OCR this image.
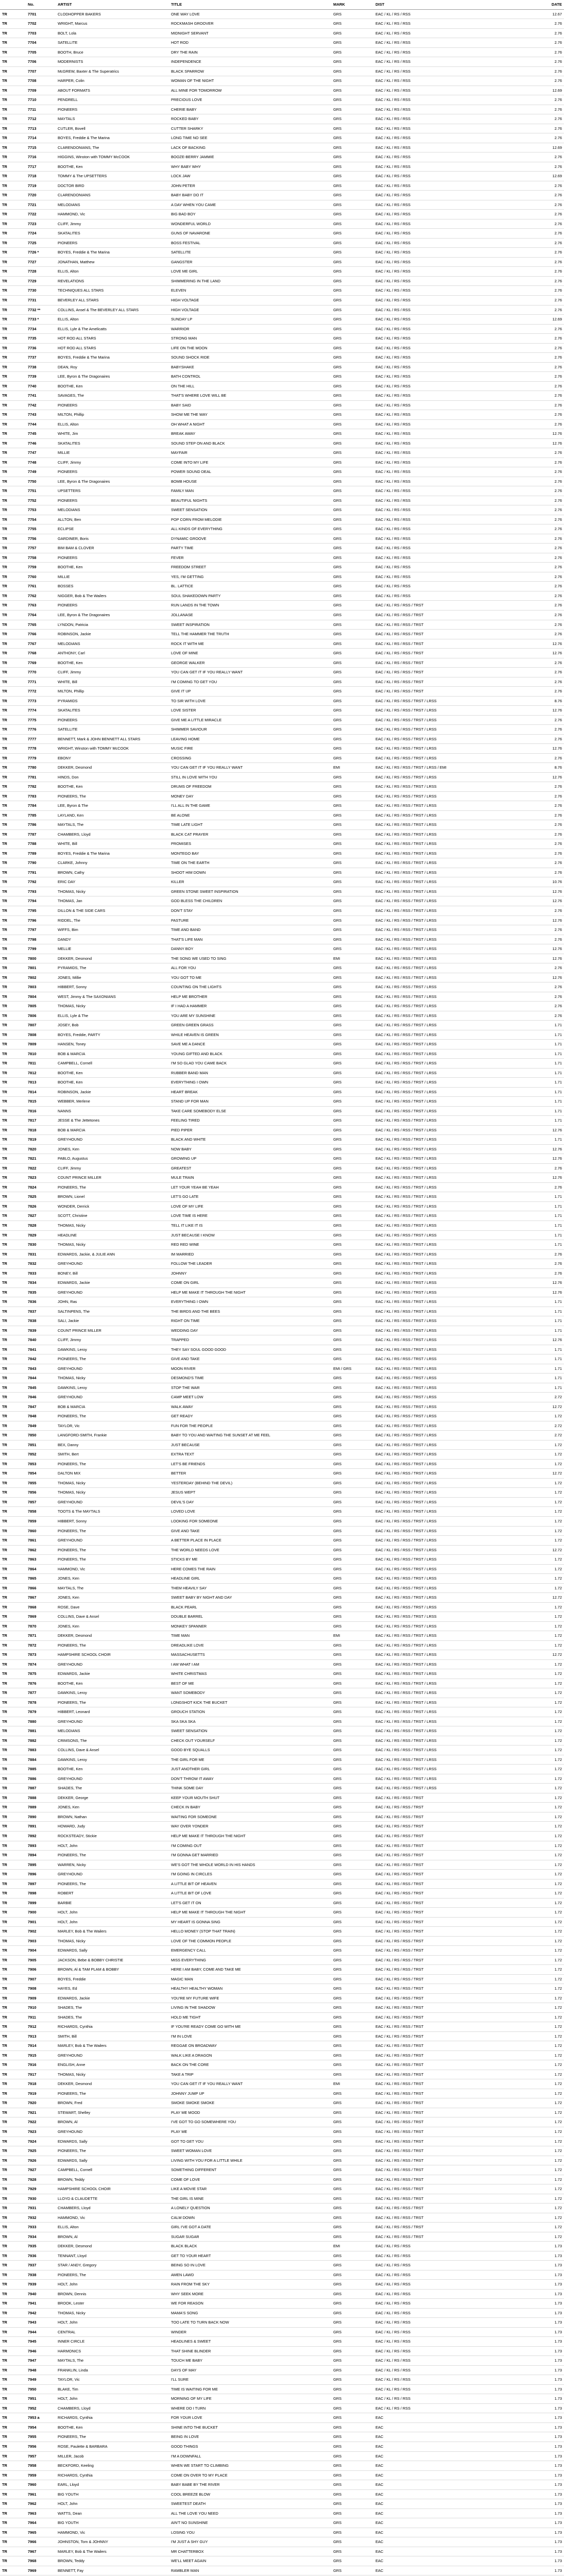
	No.	ARTIST	TITLE	MARK	DIST		DATE
TR	7701	CLODHOPPER BAKERS	ONE WAY LOVE	GRS	EAC / KL / RS / RSS		12.67
TR	7702	WRIGHT, Marcus	ROCKMASH GROOVER	GRS	EAC / KL / RS / RSS		2.76
TR	7703	BOLT, Lola	MIDNIGHT SERVANT	GRS	EAC / KL / RS / RSS		2.76
TR	7704	SATELLITE	HOT ROD	GRS	EAC / KL / RS / RSS		2.76
TR	7705	BOOTH, Bruce	DRY THE RAIN	GRS	EAC / KL / RS / RSS		2.76
TR	7706	MODERNISTS	INDEPENDENCE	GRS	EAC / KL / RS / RSS		2.76
TR	7707	McGREW, Baxter & The Superatrics	BLACK SPARROW	GRS	EAC / KL / RS / RSS		2.76
TR	7708	HARPER, Colin	WOMAN OF THE NIGHT	GRS	EAC / KL / RS / RSS		2.76
TR	7709	ABOUT FORMATS	ALL MINE FOR TOMORROW	GRS	EAC / KL / RS / RSS		12.69
TR	7710	PENDRELL	PRECIOUS LOVE	GRS	EAC / KL / RS / RSS		2.76
TR	7711	PIONEERS	CHERIE BABY	GRS	EAC / KL / RS / RSS		2.76
TR	7712	MAYTALS	ROCKED BABY	GRS	EAC / KL / RS / RSS		2.76
TR	7713	CUTLER, Bovell	CUTTER SHARKY	GRS	EAC / KL / RS / RSS		2.76
TR	7714	BOYES, Freddie & The Marina	LONG TIME NO SEE	GRS	EAC / KL / RS / RSS		2.76
TR	7715	CLARENDONIANS, The	LACK OF BACKING	GRS	EAC / KL / RS / RSS		12.69
TR	7716	HIGGINS, Winston with TOMMY McCOOK	BOOZE-BERRY JAMMIE	GRS	EAC / KL / RS / RSS		2.76
TR	7717	BOOTHE, Ken	WHY BABY WHY	GRS	EAC / KL / RS / RSS		2.76
TR	7718	TOMMY & The UPSETTERS	LOCK JAW	GRS	EAC / KL / RS / RSS		12.69
TR	7719	DOCTOR BIRD	JOHN PETER	GRS	EAC / KL / RS / RSS		2.76
TR	7720	CLARENDONIANS	BABY BABY DO IT	GRS	EAC / KL / RS / RSS		2.76
TR	7721	MELODIANS	A DAY WHEN YOU CAME	GRS	EAC / KL / RS / RSS		2.76
TR	7722	HAMMOND, Vic	BIG BAD BOY	GRS	EAC / KL / RS / RSS		2.76
TR	7723	CLIFF, Jimmy	WONDERFUL WORLD	GRS	EAC / KL / RS / RSS		2.76
TR	7724	SKATALITES	GUNS OF NAVARONE	GRS	EAC / KL / RS / RSS		2.76
TR	7725	PIONEERS	BOSS FESTIVAL	GRS	EAC / KL / RS / RSS		2.76
TR	7726 *	BOYES, Freddie & The Marina	SATELLITE	GRS	EAC / KL / RS / RSS		2.76
TR	7727	JONATHAN, Matthew	GANGSTER	GRS	EAC / KL / RS / RSS		2.76
TR	7728	ELLIS, Alton	LOVE ME GIRL	GRS	EAC / KL / RS / RSS		2.76
TR	7729	REVELATIONS	SHIMMERING IN THE LAND	GRS	EAC / KL / RS / RSS		2.76
TR	7730	TECHNIQUES ALL STARS	ELEVEN	GRS	EAC / KL / RS / RSS		2.76
TR	7731	BEVERLEY ALL STARS	HIGH VOLTAGE	GRS	EAC / KL / RS / RSS		2.76
TR	7732 **	COLLINS, Ansel & The BEVERLEY ALL STARS	HIGH VOLTAGE	GRS	EAC / KL / RS / RSS		2.76
TR	7733 *	ELLIS, Alton	SUNDAY LP	GRS	EAC / KL / RS / RSS		12.69
TR	7734	ELLIS, Lyle & The Amelicatts	WARRIOR	GRS	EAC / KL / RS / RSS		2.76
TR	7735	HOT ROD ALL STARS	STRONG MAN	GRS	EAC / KL / RS / RSS		2.76
TR	7736	HOT ROD ALL STARS	LIFE ON THE MOON	GRS	EAC / KL / RS / RSS		2.76
TR	7737	BOYES, Freddie & The Marina	SOUND SHOCK RIDE	GRS	EAC / KL / RS / RSS		2.76
TR	7738	DEAN, Roy	BABYSHAKE	GRS	EAC / KL / RS / RSS		2.76
TR	7739	LEE, Byron & The Dragonaires	BATH CONTROL	GRS	EAC / KL / RS / RSS		2.76
TR	7740	BOOTHE, Ken	ON THE HILL	GRS	EAC / KL / RS / RSS		2.76
TR	7741	SAVAGES, The	THAT'S WHERE LOVE WILL BE	GRS	EAC / KL / RS / RSS		2.76
TR	7742	PIONEERS	BABY SAID	GRS	EAC / KL / RS / RSS		2.76
TR	7743	MILTON, Phillip	SHOW ME THE WAY	GRS	EAC / KL / RS / RSS		2.76
TR	7744	ELLIS, Alton	OH WHAT A NIGHT	GRS	EAC / KL / RS / RSS		2.76
TR	7745	WHITE, Jim	BREAK AWAY	GRS	EAC / KL / RS / RSS		12.76
TR	7746	SKATALITES	SOUND STEP ON AND BLACK	GRS	EAC / KL / RS / RSS		12.76
TR	7747	MILLIE	MAYFAIR	GRS	EAC / KL / RS / RSS		2.76
TR	7748	CLIFF, Jimmy	COME INTO MY LIFE	GRS	EAC / KL / RS / RSS		2.76
TR	7749	PIONEERS	POWER SOUND DEAL	GRS	EAC / KL / RS / RSS		2.76
TR	7750	LEE, Byron & The Dragonaires	BOMB HOUSE	GRS	EAC / KL / RS / RSS		2.76
TR	7751	UPSETTERS	FAMILY MAN	GRS	EAC / KL / RS / RSS		2.76
TR	7752	PIONEERS	BEAUTIFUL NIGHTS	GRS	EAC / KL / RS / RSS		2.76
TR	7753	MELODIANS	SWEET SENSATION	GRS	EAC / KL / RS / RSS		2.76
TR	7754	ALLTON, Ben	POP CORN FROM MELODIE	GRS	EAC / KL / RS / RSS		2.76
TR	7755	ECLIPSE	ALL KINDS OF EVERYTHING	GRS	EAC / KL / RS / RSS		2.76
TR	7756	GARDINER, Boris	DYNAMIC GROOVE	GRS	EAC / KL / RS / RSS		2.76
TR	7757	BIM BAM & CLOVER	PARTY TIME	GRS	EAC / KL / RS / RSS		2.76
TR	7758	PIONEERS	FEVER	GRS	EAC / KL / RS / RSS		2.76
TR	7759	BOOTHE, Ken	FREEDOM STREET	GRS	EAC / KL / RS / RSS		2.76
TR	7760	MILLIE	YES, I'M GETTING	GRS	EAC / KL / RS / RSS		2.76
TR	7761	BOSSES	BL. LATTICE	GRS	EAC / KL / RS / RSS		2.76
TR	7762	NIGGER, Bob & The Wailers	SOUL SHAKEDOWN PARTY	GRS	EAC / KL / RS / RSS		2.76
TR	7763	PIONEERS	RUN LANDS IN THE TOWN	GRS	EAC / KL / RS / RSS / TRST		2.76
TR	7764	LEE, Byron & The Dragonaires	JOLLANASE	GRS	EAC / KL / RS / RSS / TRST		2.76
TR	7765	LYNDON, Patricia	SWEET INSPIRATION	GRS	EAC / KL / RS / RSS / TRST		2.76
TR	7766	ROBINSON, Jackie	TELL THE HAMMER THE TRUTH	GRS	EAC / KL / RS / RSS / TRST		2.76
TR	7767	MELODIANS	ROCK IT WITH ME	GRS	EAC / KL / RS / RSS / TRST		12.76
TR	7768	ANTHONY, Carl	LOVE OF MINE	GRS	EAC / KL / RS / RSS / TRST		12.76
TR	7769	BOOTHE, Ken	GEORGE WALKER	GRS	EAC / KL / RS / RSS / TRST		2.76
TR	7770	CLIFF, Jimmy	YOU CAN GET IT IF YOU REALLY WANT	GRS	EAC / KL / RS / RSS / TRST		2.76
TR	7771	WHITE, Bill	I'M COMING TO GET YOU	GRS	EAC / KL / RS / RSS / TRST		2.76
TR	7772	MILTON, Phillip	GIVE IT UP	GRS	EAC / KL / RS / RSS / TRST		2.76
TR	7773	PYRAMIDS	TO SIR WITH LOVE	GRS	EAC / KL / RS / RSS / TRST / LRSS		8.76
TR	7774	SKATALITES	LOVE SISTER	GRS	EAC / KL / RS / RSS / TRST / LRSS		12.76
TR	7775	PIONEERS	GIVE ME A LITTLE MIRACLE	GRS	EAC / KL / RS / RSS / TRST / LRSS		2.76
TR	7776	SATELLITE	SHIMMER SAVIOUR	GRS	EAC / KL / RS / RSS / TRST / LRSS		2.76
TR	7777	BENNETT, Mark & JOHN BENNETT ALL STARS	LEAVING HOME	GRS	EAC / KL / RS / RSS / TRST / LRSS		2.76
TR	7778	WRIGHT, Winston with TOMMY McCOOK	MUSIC FIRE	GRS	EAC / KL / RS / RSS / TRST / LRSS		12.76
TR	7779	EBONY	CROSSING	GRS	EAC / KL / RS / RSS / TRST / LRSS		2.76
TR	7780	DEKKER, Desmond	YOU CAN GET IT IF YOU REALLY WANT	EMI	EAC / KL / RS / RSS / TRST / LRSS / EMI		8.76
TR	7781	HINDS, Don	STILL IN LOVE WITH YOU	GRS	EAC / KL / RS / RSS / TRST / LRSS		12.76
TR	7782	BOOTHE, Ken	DRUMS OF FREEDOM	GRS	EAC / KL / RS / RSS / TRST / LRSS		2.76
TR	7783	PIONEERS, The	MONEY DAY	GRS	EAC / KL / RS / RSS / TRST / LRSS		2.76
TR	7784	LEE, Byron & The	I'LL ALL IN THE GAME	GRS	EAC / KL / RS / RSS / TRST / LRSS		2.76
TR	7785	LAYLAND, Ken	BE ALONE	GRS	EAC / KL / RS / RSS / TRST / LRSS		2.76
TR	7786	MAYTALS, The	TIME LATE LIGHT	GRS	EAC / KL / RS / RSS / TRST / LRSS		2.76
TR	7787	CHAMBERS, Lloyd	BLACK CAT PRAYER	GRS	EAC / KL / RS / RSS / TRST / LRSS		2.76
TR	7788	WHITE, Bill	PROMISES	GRS	EAC / KL / RS / RSS / TRST / LRSS		2.76
TR	7789	BOYES, Freddie & The Marina	MONTEGO BAY	GRS	EAC / KL / RS / RSS / TRST / LRSS		2.76
TR	7790	CLARKE, Johnny	TIME ON THE EARTH	GRS	EAC / KL / RS / RSS / TRST / LRSS		2.76
TR	7791	BROWN, Cathy	SHOOT HIM DOWN	GRS	EAC / KL / RS / RSS / TRST / LRSS		2.76
TR	7792	ERIC DAY	KILLER	GRS	EAC / KL / RS / RSS / TRST / LRSS		10.76
TR	7793	THOMAS, Nicky	GREEN STONE SWEET INSPIRATION	GRS	EAC / KL / RS / RSS / TRST / LRSS		12.76
TR	7794	THOMAS, Jan	GOD BLESS THE CHILDREN	GRS	EAC / KL / RS / RSS / TRST / LRSS		12.76
TR	7795	DILLON & THE SIDE CARS	DON'T STAY	GRS	EAC / KL / RS / RSS / TRST / LRSS		2.76
TR	7796	RIDDEL, The	PASTURE	GRS	EAC / KL / RS / RSS / TRST / LRSS		12.76
TR	7797	WIFFS, Bim	TIME AND BAND	GRS	EAC / KL / RS / RSS / TRST / LRSS		2.76
TR	7798	DANDY	THAT'S LIFE MAN	GRS	EAC / KL / RS / RSS / TRST / LRSS		2.76
TR	7799	MELLIE	DANNY BOY	GRS	EAC / KL / RS / RSS / TRST / LRSS		12.76
TR	7800	DEKKER, Desmond	THE SONG WE USED TO SING	EMI	EAC / KL / RS / RSS / TRST / LRSS		12.76
TR	7801	PYRAMIDS, The	ALL FOR YOU	GRS	EAC / KL / RS / RSS / TRST / LRSS		2.76
TR	7802	JONES, Millie	YOU GOT TO ME	GRS	EAC / KL / RS / RSS / TRST / LRSS		12.76
TR	7803	HIBBERT, Sonny	COUNTING ON THE LIGHTS	GRS	EAC / KL / RS / RSS / TRST / LRSS		2.76
TR	7804	WEST, Jimmy & The SAXONIANS	HELP ME BROTHER	GRS	EAC / KL / RS / RSS / TRST / LRSS		2.76
TR	7805	THOMAS, Nicky	IF I HAD A HAMMER	GRS	EAC / KL / RS / RSS / TRST / LRSS		2.76
TR	7806	ELLIS, Lyle & The	YOU ARE MY SUNSHINE	GRS	EAC / KL / RS / RSS / TRST / LRSS		2.76
TR	7807	JOSEY, Bob	GREEN GREEN GRASS	GRS	EAC / KL / RS / RSS / TRST / LRSS		1.71
TR	7808	BOYES, Freddie, PARTY	WHILE HEAVEN IS GREEN	GRS	EAC / KL / RS / RSS / TRST / LRSS		1.71
TR	7809	HANSEN, Toney	SAVE ME A DANCE	GRS	EAC / KL / RS / RSS / TRST / LRSS		1.71
TR	7810	BOB & MARCIA	YOUNG GIFTED AND BLACK	GRS	EAC / KL / RS / RSS / TRST / LRSS		1.71
TR	7811	CAMPBELL, Cornell	I'M SO GLAD YOU CAME BACK	GRS	EAC / KL / RS / RSS / TRST / LRSS		1.71
TR	7812	BOOTHE, Ken	RUBBER BAND MAN	GRS	EAC / KL / RS / RSS / TRST / LRSS		1.71
TR	7813	BOOTHE, Ken	EVERYTHING I OWN	GRS	EAC / KL / RS / RSS / TRST / LRSS		1.71
TR	7814	ROBINSON, Jackie	HEART BREAK	GRS	EAC / KL / RS / RSS / TRST / LRSS		1.71
TR	7815	WEBBER, Merlene	STAND UP FOR MAN	GRS	EAC / KL / RS / RSS / TRST / LRSS		1.71
TR	7816	NANNS	TAKE CARE SOMEBODY ELSE	GRS	EAC / KL / RS / RSS / TRST / LRSS		1.71
TR	7817	JESSE & The Jettetones	FEELING TIRED	GRS	EAC / KL / RS / RSS / TRST / LRSS		1.71
TR	7818	BOB & MARCIA	PIED PIPER	GRS	EAC / KL / RS / RSS / TRST / LRSS		12.76
TR	7819	GREYHOUND	BLACK AND WHITE	GRS	EAC / KL / RS / RSS / TRST / LRSS		1.71
TR	7820	JONES, Ken	NOW BABY	GRS	EAC / KL / RS / RSS / TRST / LRSS		12.76
TR	7821	PABLO, Augustus	GROWING UP	GRS	EAC / KL / RS / RSS / TRST / LRSS		12.76
TR	7822	CLIFF, Jimmy	GREATEST	GRS	EAC / KL / RS / RSS / TRST / LRSS		2.76
TR	7823	COUNT PRINCE MILLER	MULE TRAIN	GRS	EAC / KL / RS / RSS / TRST / LRSS		12.76
TR	7824	PIONEERS, The	LET YOUR YEAH BE YEAH	GRS	EAC / KL / RS / RSS / TRST / LRSS		2.76
TR	7825	BROWN, Lionel	LET'S GO LATE	GRS	EAC / KL / RS / RSS / TRST / LRSS		1.71
TR	7826	WONDER, Derrick	LOVE OF MY LIFE	GRS	EAC / KL / RS / RSS / TRST / LRSS		1.71
TR	7827	SCOTT, Christine	LOVE TIME IS HERE	GRS	EAC / KL / RS / RSS / TRST / LRSS		1.71
TR	7828	THOMAS, Nicky	TELL IT LIKE IT IS	GRS	EAC / KL / RS / RSS / TRST / LRSS		1.71
TR	7829	HEADLINE	JUST BECAUSE I KNOW	GRS	EAC / KL / RS / RSS / TRST / LRSS		1.71
TR	7830	THOMAS, Nicky	RED RED WINE	GRS	EAC / KL / RS / RSS / TRST / LRSS		1.71
TR	7831	EDWARDS, Jackie, & JULIE ANN	IM MARRIED	GRS	EAC / KL / RS / RSS / TRST / LRSS		2.76
TR	7832	GREYHOUND	FOLLOW THE LEADER	GRS	EAC / KL / RS / RSS / TRST / LRSS		2.76
TR	7833	BONEY, Bill	JOHNNY	GRS	EAC / KL / RS / RSS / TRST / LRSS		2.76
TR	7834	EDWARDS, Jackie	COME ON GIRL	GRS	EAC / KL / RS / RSS / TRST / LRSS		12.76
TR	7835	GREYHOUND	HELP ME MAKE IT THROUGH THE NIGHT	GRS	EAC / KL / RS / RSS / TRST / LRSS		12.76
TR	7836	JOHN, Ras	EVERYTHING I OWN	GRS	EAC / KL / RS / RSS / TRST / LRSS		1.71
TR	7837	SALTINPENS, The	THE BIRDS AND THE BEES	GRS	EAC / KL / RS / RSS / TRST / LRSS		1.71
TR	7838	SALI, Jackie	RIGHT ON TIME	GRS	EAC / KL / RS / RSS / TRST / LRSS		1.71
TR	7839	COUNT PRINCE MILLER	WEDDING DAY	GRS	EAC / KL / RS / RSS / TRST / LRSS		1.71
TR	7840	CLIFF, Jimmy	TRAPPED	GRS	EAC / KL / RS / RSS / TRST / LRSS		12.76
TR	7841	DAWKINS, Leroy	THEY SAY SOUL GOOD GOOD	GRS	EAC / KL / RS / RSS / TRST / LRSS		1.71
TR	7842	PIONEERS, The	GIVE AND TAKE	GRS	EAC / KL / RS / RSS / TRST / LRSS		1.71
TR	7843	GREYHOUND	MOON RIVER	EMI / GRS	EAC / KL / RS / RSS / TRST / LRSS		1.71
TR	7844	THOMAS, Nicky	DESMOND'S TIME	GRS	EAC / KL / RS / RSS / TRST / LRSS		1.71
TR	7845	DAWKINS, Leroy	STOP THE WAR	GRS	EAC / KL / RS / RSS / TRST / LRSS		1.71
TR	7846	GREYHOUND	CAMP MEET LOW	GRS	EAC / KL / RS / RSS / TRST / LRSS		2.72
TR	7847	BOB & MARCIA	WALK AWAY	GRS	EAC / KL / RS / RSS / TRST / LRSS		12.72
TR	7848	PIONEERS, The	GET READY	GRS	EAC / KL / RS / RSS / TRST / LRSS		1.72
TR	7849	TAYLOR, Vic	FUN FOR THE PEOPLE	GRS	EAC / KL / RS / RSS / TRST / LRSS		2.72
TR	7850	LANGFORD-SMITH, Frankie	BABY TO YOU AND WAITING THE SUNSET AT ME FEEL	GRS	EAC / KL / RS / RSS / TRST / LRSS		2.72
TR	7851	BEX, Danny	JUST BECAUSE	GRS	EAC / KL / RS / RSS / TRST / LRSS		1.72
TR	7852	SMITH, Bert	EXTRA TEXT	GRS	EAC / KL / RS / RSS / TRST / LRSS		1.72
TR	7853	PIONEERS, The	LET'S BE FRIENDS	GRS	EAC / KL / RS / RSS / TRST / LRSS		1.72
TR	7854	DALTON MIX	BETTER	GRS	EAC / KL / RS / RSS / TRST / LRSS		12.72
TR	7855	THOMAS, Nicky	YESTERDAY (BEHIND THE DEVIL)	GRS	EAC / KL / RS / RSS / TRST / LRSS		1.72
TR	7856	THOMAS, Nicky	JESUS WEPT	GRS	EAC / KL / RS / RSS / TRST / LRSS		1.72
TR	7857	GREYHOUND	DEVIL'S DAY	GRS	EAC / KL / RS / RSS / TRST / LRSS		1.72
TR	7858	TOOTS & The MAYTALS	LOVED LOVE	GRS	EAC / KL / RS / RSS / TRST / LRSS		1.72
TR	7859	HIBBERT, Sonny	LOOKING FOR SOMEONE	GRS	EAC / KL / RS / RSS / TRST / LRSS		1.72
TR	7860	PIONEERS, The	GIVE AND TAKE	GRS	EAC / KL / RS / RSS / TRST / LRSS		1.72
TR	7861	GREYHOUND	A BETTER PLACE IN PLACE	GRS	EAC / KL / RS / RSS / TRST / LRSS		1.72
TR	7862	PIONEERS, The	THE WORLD NEEDS LOVE	GRS	EAC / KL / RS / RSS / TRST / LRSS		12.72
TR	7863	PIONEERS, The	STICKS BY ME	GRS	EAC / KL / RS / RSS / TRST / LRSS		1.72
TR	7864	HAMMOND, Vic	HERE COMES THE RAIN	GRS	EAC / KL / RS / RSS / TRST / LRSS		1.72
TR	7865	JONES, Ken	HEADLINE GIRL	GRS	EAC / KL / RS / RSS / TRST / LRSS		1.72
TR	7866	MAYTALS, The	THEM HEAVILY SAY	GRS	EAC / KL / RS / RSS / TRST / LRSS		1.72
TR	7867	JONES, Ken	SWEET BABY BY NIGHT AND DAY	GRS	EAC / KL / RS / RSS / TRST / LRSS		12.72
TR	7868	ROSE, Dave	BLACK PEARL	GRS	EAC / KL / RS / RSS / TRST / LRSS		1.72
TR	7869	COLLINS, Dave & Ansel	DOUBLE BARREL	GRS	EAC / KL / RS / RSS / TRST / LRSS		1.72
TR	7870	JONES, Ken	MONKEY SPANNER	GRS	EAC / KL / RS / RSS / TRST / LRSS		1.72
TR	7871	DEKKER, Desmond	TIME MAN	EMI	EAC / KL / RS / RSS / TRST / LRSS		1.72
TR	7872	PIONEERS, The	DREADLIKE LOVE	GRS	EAC / KL / RS / RSS / TRST / LRSS		1.72
TR	7873	HAMPSHIRE SCHOOL CHOIR	MASSACHUSETTS	GRS	EAC / KL / RS / RSS / TRST / LRSS		12.72
TR	7874	GREYHOUND	I AM WHAT I AM	GRS	EAC / KL / RS / RSS / TRST / LRSS		1.72
TR	7875	EDWARDS, Jackie	WHITE CHRISTMAS	GRS	EAC / KL / RS / RSS / TRST / LRSS		1.72
TR	7876	BOOTHE, Ken	BEST OF ME	GRS	EAC / KL / RS / RSS / TRST / LRSS		1.72
TR	7877	DAWKINS, Leroy	WANT SOMEBODY	GRS	EAC / KL / RS / RSS / TRST / LRSS		1.72
TR	7878	PIONEERS, The	LONGSHOT KICK THE BUCKET	GRS	EAC / KL / RS / RSS / TRST / LRSS		1.72
TR	7879	HIBBERT, Leonard	GROUCH STATION	GRS	EAC / KL / RS / RSS / TRST / LRSS		1.72
TR	7880	GREYHOUND	SKA SKA SKA	GRS	EAC / KL / RS / RSS / TRST / LRSS		1.72
TR	7881	MELODIANS	SWEET SENSATION	GRS	EAC / KL / RS / RSS / TRST / LRSS		1.72
TR	7882	CRIMSONS, The	CHECK OUT YOURSELF	GRS	EAC / KL / RS / RSS / TRST / LRSS		1.72
TR	7883	COLLINS, Dave & Ansel	GOOD BYE SQUALLS	GRS	EAC / KL / RS / RSS / TRST / LRSS		1.72
TR	7884	DAWKINS, Leroy	THE GIRL FOR ME	GRS	EAC / KL / RS / RSS / TRST / LRSS		1.72
TR	7885	BOOTHE, Ken	JUST ANOTHER GIRL	GRS	EAC / KL / RS / RSS / TRST / LRSS		1.72
TR	7886	GREYHOUND	DON'T THROW IT AWAY	GRS	EAC / KL / RS / RSS / TRST / LRSS		1.72
TR	7887	SHADES, The	THINK SOME DAY	GRS	EAC / KL / RS / RSS / TRST / LRSS		1.72
TR	7888	DEKKER, George	KEEP YOUR MOUTH SHUT	GRS	EAC / KL / RS / RSS / TRST		1.72
TR	7889	JONES, Ken	CHECK IN BABY	GRS	EAC / KL / RS / RSS / TRST		1.72
TR	7890	BROWN, Nathan	WAITING FOR SOMEONE	GRS	EAC / KL / RS / RSS / TRST		1.72
TR	7891	HOWARD, Judy	WAY OVER YONDER	GRS	EAC / KL / RS / RSS / TRST		1.72
TR	7892	ROCKSTEADY, Stickie	HELP ME MAKE IT THROUGH THE NIGHT	GRS	EAC / KL / RS / RSS / TRST		1.72
TR	7893	HOLT, John	I'M COMING OUT	GRS	EAC / KL / RS / RSS / TRST		1.72
TR	7894	PIONEERS, The	I'M GONNA GET MARRIED	GRS	EAC / KL / RS / RSS / TRST		1.72
TR	7895	WARREN, Nicky	WE'S GOT THE WHOLE WORLD IN HIS HANDS	GRS	EAC / KL / RS / RSS / TRST		1.72
TR	7896	GREYHOUND	I'M GOING IN CIRCLES	GRS	EAC / KL / RS / RSS / TRST		1.72
TR	7897	PIONEERS, The	A LITTLE BIT OF HEAVEN	GRS	EAC / KL / RS / RSS / TRST		1.72
TR	7898	ROBERT	A LITTLE BIT OF LOVE	GRS	EAC / KL / RS / RSS / TRST		1.72
TR	7899	BARBIE	LET'S GET IT ON	GRS	EAC / KL / RS / RSS / TRST		1.72
TR	7900	HOLT, John	HELP ME MAKE IT THROUGH THE NIGHT	GRS	EAC / KL / RS / RSS / TRST		1.72
TR	7901	HOLT, John	MY HEART IS GONNA SING	GRS	EAC / KL / RS / RSS / TRST		1.72
TR	7902	MARLEY, Bob & The Wailers	HELLO MONEY (STOP THAT TRAIN)	GRS	EAC / KL / RS / RSS / TRST		1.72
TR	7903	THOMAS, Nicky	LOVE OF THE COMMON PEOPLE	GRS	EAC / KL / RS / RSS / TRST		1.72
TR	7904	EDWARDS, Sally	EMERGENCY CALL	GRS	EAC / KL / RS / RSS / TRST		1.72
TR	7905	JACKSON, Bebe & BOBBY CHRISTIE	MISS EVERYTHING	GRS	EAC / KL / RS / RSS / TRST		1.72
TR	7906	BROWN, Al & TAM PLAM & BOBBY	HERE I AM BABY, COME AND TAKE ME	GRS	EAC / KL / RS / RSS / TRST		1.72
TR	7907	BOYES, Freddie	MAGIC MAN	GRS	EAC / KL / RS / RSS / TRST		1.72
TR	7908	HAYES, Ed	HEALTHY HEALTHY WOMAN	GRS	EAC / KL / RS / RSS / TRST		1.72
TR	7909	EDWARDS, Jackie	YOU'RE MY FUTURE WIFE	GRS	EAC / KL / RS / RSS / TRST		1.72
TR	7910	SHADES, The	LIVING IN THE SHADOW	GRS	EAC / KL / RS / RSS / TRST		1.72
TR	7911	SHADES, The	HOLD ME TIGHT	GRS	EAC / KL / RS / RSS / TRST		1.72
TR	7912	RICHARDS, Cynthia	IF YOU'RE READY COME GO WITH ME	GRS	EAC / KL / RS / RSS / TRST		1.72
TR	7913	SMITH, Bill	I'M IN LOVE	GRS	EAC / KL / RS / RSS / TRST		1.72
TR	7914	MARLEY, Bob & The Wailers	REGGAE ON BROADWAY	GRS	EAC / KL / RS / RSS / TRST		1.72
TR	7915	GREYHOUND	WALK LIKE A DRAGON	GRS	EAC / KL / RS / RSS / TRST		1.72
TR	7916	ENGLISH, Anne	BACK ON THE CORE	GRS	EAC / KL / RS / RSS / TRST		1.72
TR	7917	THOMAS, Nicky	TAKE A TRIP	GRS	EAC / KL / RS / RSS / TRST		1.72
TR	7918	DEKKER, Desmond	YOU CAN GET IT IF YOU REALLY WANT	EMI	EAC / KL / RS / RSS / TRST		1.72
TR	7919	PIONEERS, The	JOHNNY JUMP UP	GRS	EAC / KL / RS / RSS / TRST		1.72
TR	7920	BROWN, Fred	SMOKE SMOKE SMOKE	GRS	EAC / KL / RS / RSS / TRST		1.72
TR	7921	STEWART, Shelley	PLAY ME MOOD	GRS	EAC / KL / RS / RSS / TRST		1.72
TR	7922	BROWN, Al	I'VE GOT TO GO SOMEWHERE YOU	GRS	EAC / KL / RS / RSS / TRST		1.72
TR	7923	GREYHOUND	PLAY ME	GRS	EAC / KL / RS / RSS / TRST		1.72
TR	7924	EDWARDS, Sally	GOT TO GET YOU	GRS	EAC / KL / RS / RSS / TRST		1.72
TR	7925	PIONEERS, The	SWEET WOMAN LOVE	GRS	EAC / KL / RS / RSS / TRST		1.72
TR	7926	EDWARDS, Sally	LIVING WITH YOU FOR A LITTLE WHILE	GRS	EAC / KL / RS / RSS / TRST		1.72
TR	7927	CAMPBELL, Cornell	SOMETHING DIFFERENT	GRS	EAC / KL / RS / RSS / TRST		1.72
TR	7928	BROWN, Teddy	COME OF LOVE	GRS	EAC / KL / RS / RSS / TRST		1.72
TR	7929	HAMPSHIRE SCHOOL CHOIR	LIKE A MOVIE STAR	GRS	EAC / KL / RS / RSS / TRST		1.72
TR	7930	LLOYD & CLAUDETTE	THE GIRL IS MINE	GRS	EAC / KL / RS / RSS / TRST		1.72
TR	7931	CHAMBERS, Lloyd	A LONELY QUESTION	GRS	EAC / KL / RS / RSS / TRST		1.72
TR	7932	HAMMOND, Vic	CALM DOWN	GRS	EAC / KL / RS / RSS / TRST		1.72
TR	7933	ELLIS, Alton	GIRL I'VE GOT A DATE	GRS	EAC / KL / RS / RSS / TRST		1.72
TR	7934	BROWN, Al	SUGAR SUGAR	GRS	EAC / KL / RS / RSS / TRST		1.72
TR	7935	DEKKER, Desmond	BLACK BLACK	EMI	EAC / KL / RS / RSS		1.73
TR	7936	TENNANT, Lloyd	GET TO YOUR HEART	GRS	EAC / KL / RS / RSS		1.73
TR	7937	STAR / ANDY, Gregory	BEING SO IN LOVE	GRS	EAC / KL / RS / RSS		1.73
TR	7938	PIONEERS, The	AMEN LAWD	GRS	EAC / KL / RS / RSS		1.73
TR	7939	HOLT, John	RAIN FROM THE SKY	GRS	EAC / KL / RS / RSS		1.73
TR	7940	BROWN, Dennis	WHY SEEK MORE	GRS	EAC / KL / RS / RSS		1.73
TR	7941	BROOK, Lester	WE FOR REASON	GRS	EAC / KL / RS / RSS		1.73
TR	7942	THOMAS, Nicky	MAMA'S SONG	GRS	EAC / KL / RS / RSS		1.73
TR	7943	HOLT, John	TOO LATE TO TURN BACK NOW	GRS	EAC / KL / RS / RSS		1.73
TR	7944	CENTRAL	WINDER	GRS	EAC / KL / RS / RSS		1.73
TR	7945	INNER CIRCLE	HEADLINES & SWEET	GRS	EAC / KL / RS / RSS		1.73
TR	7946	HARMONICS	THAT SHINE BLINDER	GRS	EAC / KL / RS / RSS		1.73
TR	7947	MAYTALS, The	TOUCH ME BABY	GRS	EAC / KL / RS / RSS		1.73
TR	7948	FRANKLIN, Linda	DAYS OF MAY	GRS	EAC / KL / RS / RSS		1.73
TR	7949	TAYLOR, Vic	I'LL SURE	GRS	EAC / KL / RS / RSS		1.73
TR	7950	BLAKE, Tim	TIME IS WAITING FOR ME	GRS	EAC / KL / RS / RSS		1.73
TR	7951	HOLT, John	MORNING OF MY LIFE	GRS	EAC / KL / RS / RSS		1.73
TR	7952	CHAMBERS, Lloyd	WHERE DO I TURN	GRS	EAC / KL / RS / RSS		1.73
TR	7953 a	RICHARDS, Cynthia	FOR YOUR LOVE	GRS	EAC		1.73
TR	7954	BOOTHE, Ken	SHINE INTO THE BUCKET	GRS	EAC		1.73
TR	7955	PIONEERS, The	BEING IN LOVE	GRS	EAC		1.73
TR	7956	ROSE, Paulette & BARBARA	GOOD THINGS	GRS	EAC		1.73
TR	7957	MILLER, Jacob	I'M A DOWNFALL	GRS	EAC		1.73
TR	7958	BECKFORD, Keeling	WHEN WE START TO CLIMBING	GRS	EAC		1.73
TR	7959	RICHARDS, Cynthia	COME ON OVER TO MY PLACE	GRS	EAC		1.73
TR	7960	EARL, Lloyd	BABY BABE BY THE RIVER	GRS	EAC		1.73
TR	7961	BIG YOUTH	COOL BREEZE BLOW	GRS	EAC		1.73
TR	7962	HOLT, John	SWEETEST DEATH	GRS	EAC		1.73
TR	7963	WATTS, Dean	ALL THE LOVE YOU NEED	GRS	EAC		1.73
TR	7964	BIG YOUTH	AIN'T NO SUNSHINE	GRS	EAC		1.73
TR	7965	HAMMOND, Vic	LOSING YOU	GRS	EAC		1.73
TR	7966	JOHNSTON, Tom & JOHNNY	I'M JUST A SHY GUY	GRS	EAC		1.73
TR	7967	MARLEY, Bob & The Wailers	MR CHATTERBOX	GRS	EAC		1.73
TR	7968	BROWN, Teddy	WE'LL MEET AGAIN	GRS	EAC		1.73
TR	7969	BENNETT, Fay	RAMBLER MAN	GRS	EAC		1.73
